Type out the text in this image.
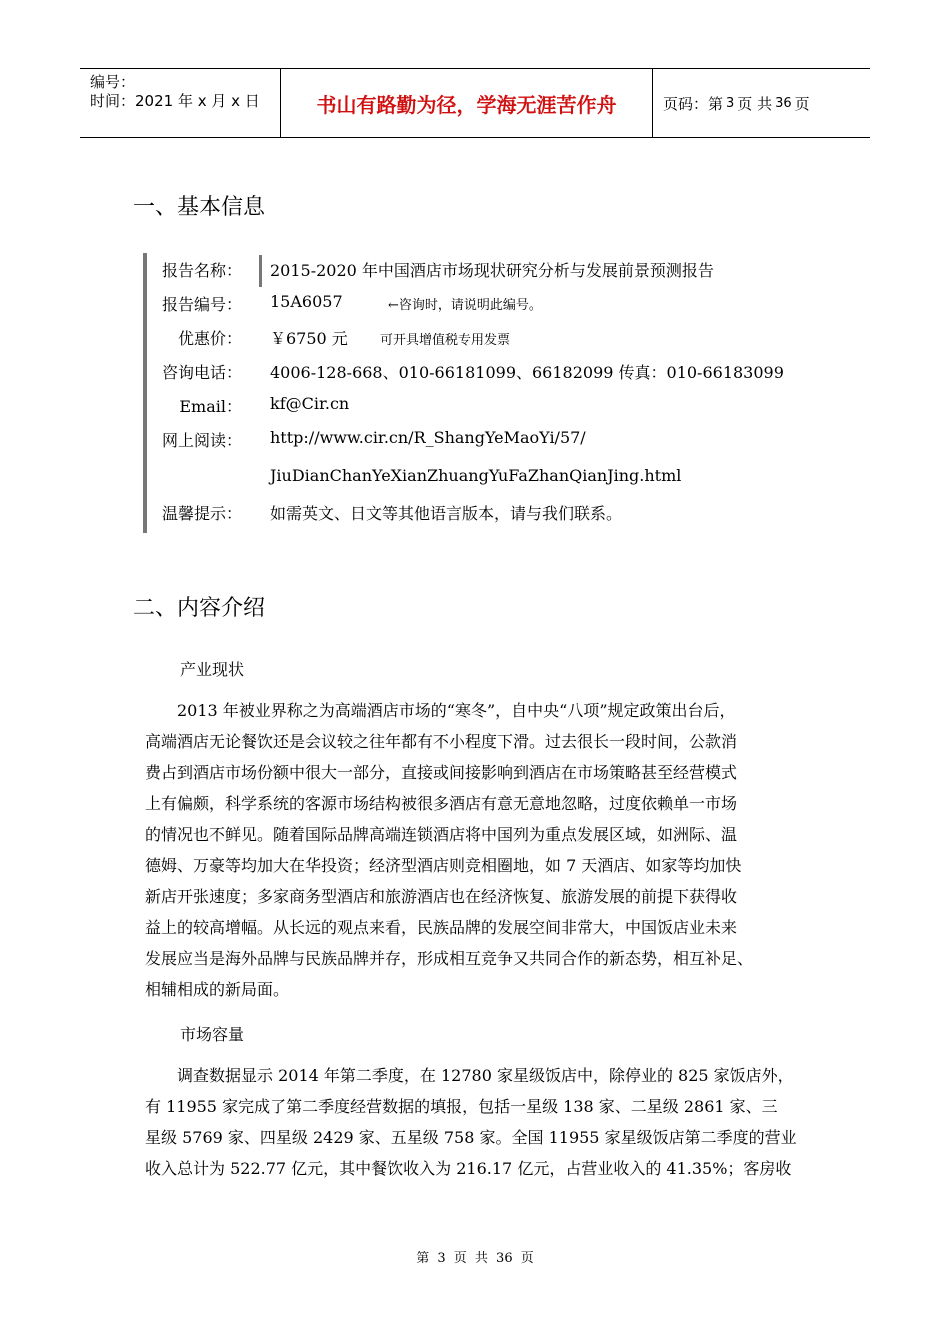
编号：
时间：2021 年 x 月 x 日	书山有路勤为径，学海无涯苦作舟	页码：第 3 页 共 36 页
一、基本信息
报告名称： 2015-2020 年中国酒店市场现状研究分析与发展前景预测报告
报告编号： 15A6057	←咨询时，请说明此编号。
优惠价： ￥6750 元 可开具增值税专用发票
咨询电话： 4006-128-668、010-66181099、66182099 传真：010-66183099
Email： kf@Cir.cn
网上阅读： http://www.cir.cn/R_ShangYeMaoYi/57/
JiuDianChanYeXianZhuangYuFaZhanQianJing.html
温馨提示： 如需英文、日文等其他语言版本，请与我们联系。
二、内容介绍
产业现状
　　2013 年被业界称之为高端酒店市场的“寒冬”，自中央“八项”规定政策出台后，
高端酒店无论餐饮还是会议较之往年都有不小程度下滑。过去很长一段时间，公款消
费占到酒店市场份额中很大一部分，直接或间接影响到酒店在市场策略甚至经营模式
上有偏颇，科学系统的客源市场结构被很多酒店有意无意地忽略，过度依赖单一市场
的情况也不鲜见。随着国际品牌高端连锁酒店将中国列为重点发展区域，如洲际、温
德姆、万豪等均加大在华投资；经济型酒店则竞相圈地，如 7 天酒店、如家等均加快
新店开张速度；多家商务型酒店和旅游酒店也在经济恢复、旅游发展的前提下获得收
益上的较高增幅。从长远的观点来看，民族品牌的发展空间非常大，中国饭店业未来
发展应当是海外品牌与民族品牌并存，形成相互竞争又共同合作的新态势，相互补足、
相辅相成的新局面。
市场容量
　　调查数据显示 2014 年第二季度，在 12780 家星级饭店中，除停业的 825 家饭店外，
有 11955 家完成了第二季度经营数据的填报，包括一星级 138 家、二星级 2861 家、三
星级 5769 家、四星级 2429 家、五星级 758 家。全国 11955 家星级饭店第二季度的营业
收入总计为 522.77 亿元，其中餐饮收入为 216.17 亿元，占营业收入的 41.35%；客房收
第 3 页 共 36 页
